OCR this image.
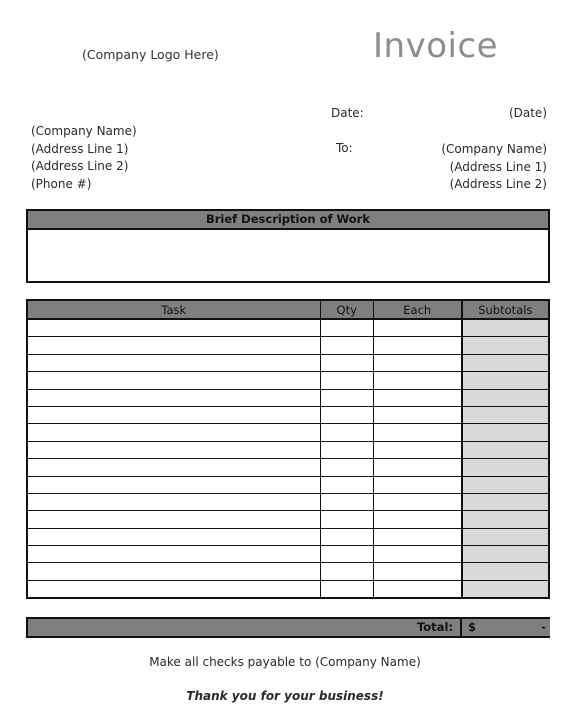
(Company Logo Here)	Invoice
Date:	(Date)
(Company Name)
(Address Line 1)
(Address Line 2)
(Phone #)
To:	(Company Name)
(Address Line 1)
(Address Line 2)
Brief Description of Work
Task	Qty	Each	Subtotals

Total: $	-
Make all checks payable to (Company Name)
Thank you for your business!
